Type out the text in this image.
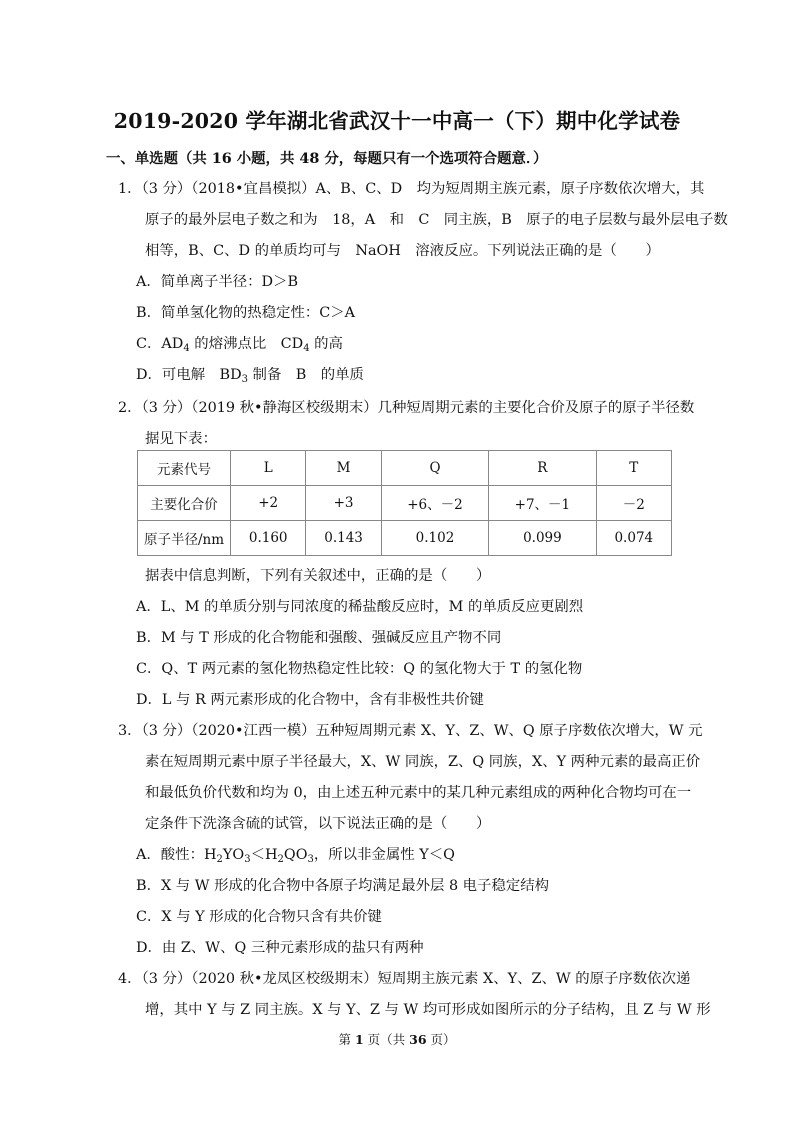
2019-2020 学年湖北省武汉十一中高一（下）期中化学试卷
一、单选题（共 16 小题，共 48 分，每题只有一个选项符合题意．）
1．（3 分）（2018•宜昌模拟）A、B、C、D　均为短周期主族元素，原子序数依次增大，其
原子的最外层电子数之和为　18，A　和　C　同主族，B　原子的电子层数与最外层电子数
相等，B、C、D 的单质均可与　NaOH　溶液反应。下列说法正确的是（　　）
A．简单离子半径：D＞B
B．简单氢化物的热稳定性：C＞A
C．$AD_4$ 的熔沸点比　$CD_4$ 的高
D．可电解　$BD_3$ 制备　B　的单质
2．（3 分）（2019 秋•静海区校级期末）几种短周期元素的主要化合价及原子的原子半径数
据见下表：
元素代号	L	M	Q	R	T
主要化合价	+2	+3	+6、－2	+7、－1	－2
原子半径/nm	0.160	0.143	0.102	0.099	0.074
据表中信息判断，下列有关叙述中，正确的是（　　）
A．L、M 的单质分别与同浓度的稀盐酸反应时，M 的单质反应更剧烈
B．M 与 T 形成的化合物能和强酸、强碱反应且产物不同
C．Q、T 两元素的氢化物热稳定性比较：Q 的氢化物大于 T 的氢化物
D．L 与 R 两元素形成的化合物中，含有非极性共价键
3．（3 分）（2020•江西一模）五种短周期元素 X、Y、Z、W、Q 原子序数依次增大，W 元
素在短周期元素中原子半径最大，X、W 同族，Z、Q 同族，X、Y 两种元素的最高正价
和最低负价代数和均为 0，由上述五种元素中的某几种元素组成的两种化合物均可在一
定条件下洗涤含硫的试管，以下说法正确的是（　　）
A．酸性：$H_2YO_3<H_2QO_3$，所以非金属性 Y＜Q
B．X 与 W 形成的化合物中各原子均满足最外层 8 电子稳定结构
C．X 与 Y 形成的化合物只含有共价键
D．由 Z、W、Q 三种元素形成的盐只有两种
4．（3 分）（2020 秋•龙凤区校级期末）短周期主族元素 X、Y、Z、W 的原子序数依次递
增，其中 Y 与 Z 同主族。X 与 Y、Z 与 W 均可形成如图所示的分子结构，且 Z 与 W 形
第 1 页（共 36 页）
